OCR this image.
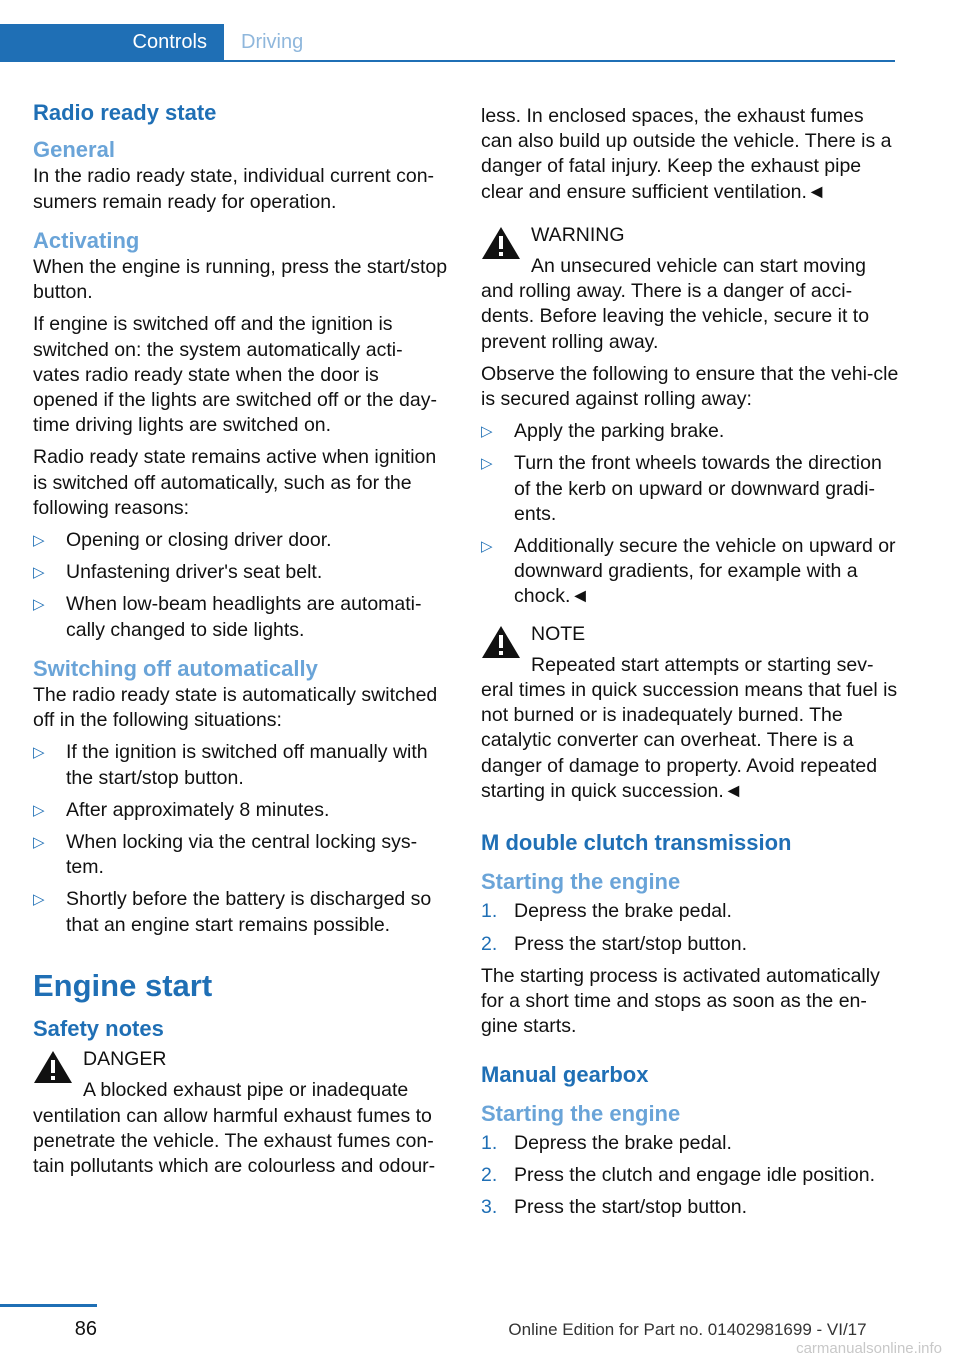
Controls	Driving
Radio ready state
General

In the radio ready state, individual current con-sumers remain ready for operation.

Activating

When the engine is running, press the start/stop button.

If engine is switched off and the ignition is switched on: the system automatically acti-vates radio ready state when the door is opened if the lights are switched off or the day-time driving lights are switched on.

Radio ready state remains active when ignition is switched off automatically, such as for the following reasons:

▷ Opening or closing driver door.
▷ Unfastening driver's seat belt.
▷ When low-beam headlights are automati-cally changed to side lights.
Switching off automatically

The radio ready state is automatically switched off in the following situations:

▷ If the ignition is switched off manually with the start/stop button.
▷ After approximately 8 minutes.
▷ When locking via the central locking sys-tem.
▷ Shortly before the battery is discharged so that an engine start remains possible.
Engine start
Safety notes
DANGER

A blocked exhaust pipe or inadequate ventilation can allow harmful exhaust fumes to penetrate the vehicle. The exhaust fumes con-tain pollutants which are colourless and odour-

less. In enclosed spaces, the exhaust fumes can also build up outside the vehicle. There is a danger of fatal injury. Keep the exhaust pipe clear and ensure sufficient ventilation.◄

WARNING

An unsecured vehicle can start moving and rolling away. There is a danger of acci-dents. Before leaving the vehicle, secure it to prevent rolling away.

Observe the following to ensure that the vehi-cle is secured against rolling away:

▷ Apply the parking brake.
▷ Turn the front wheels towards the direction of the kerb on upward or downward gradi-ents.
▷ Additionally secure the vehicle on upward or downward gradients, for example with a chock.◄
NOTE

Repeated start attempts or starting sev-eral times in quick succession means that fuel is not burned or is inadequately burned. The catalytic converter can overheat. There is a danger of damage to property. Avoid repeated starting in quick succession.◄

M double clutch transmission
Starting the engine
1. Depress the brake pedal.
2. Press the start/stop button.

The starting process is activated automatically for a short time and stops as soon as the en-gine starts.

Manual gearbox
Starting the engine
1. Depress the brake pedal.
2. Press the clutch and engage idle position.
3. Press the start/stop button.
86	Online Edition for Part no. 01402981699 - VI/17
carmanualsonline.info
